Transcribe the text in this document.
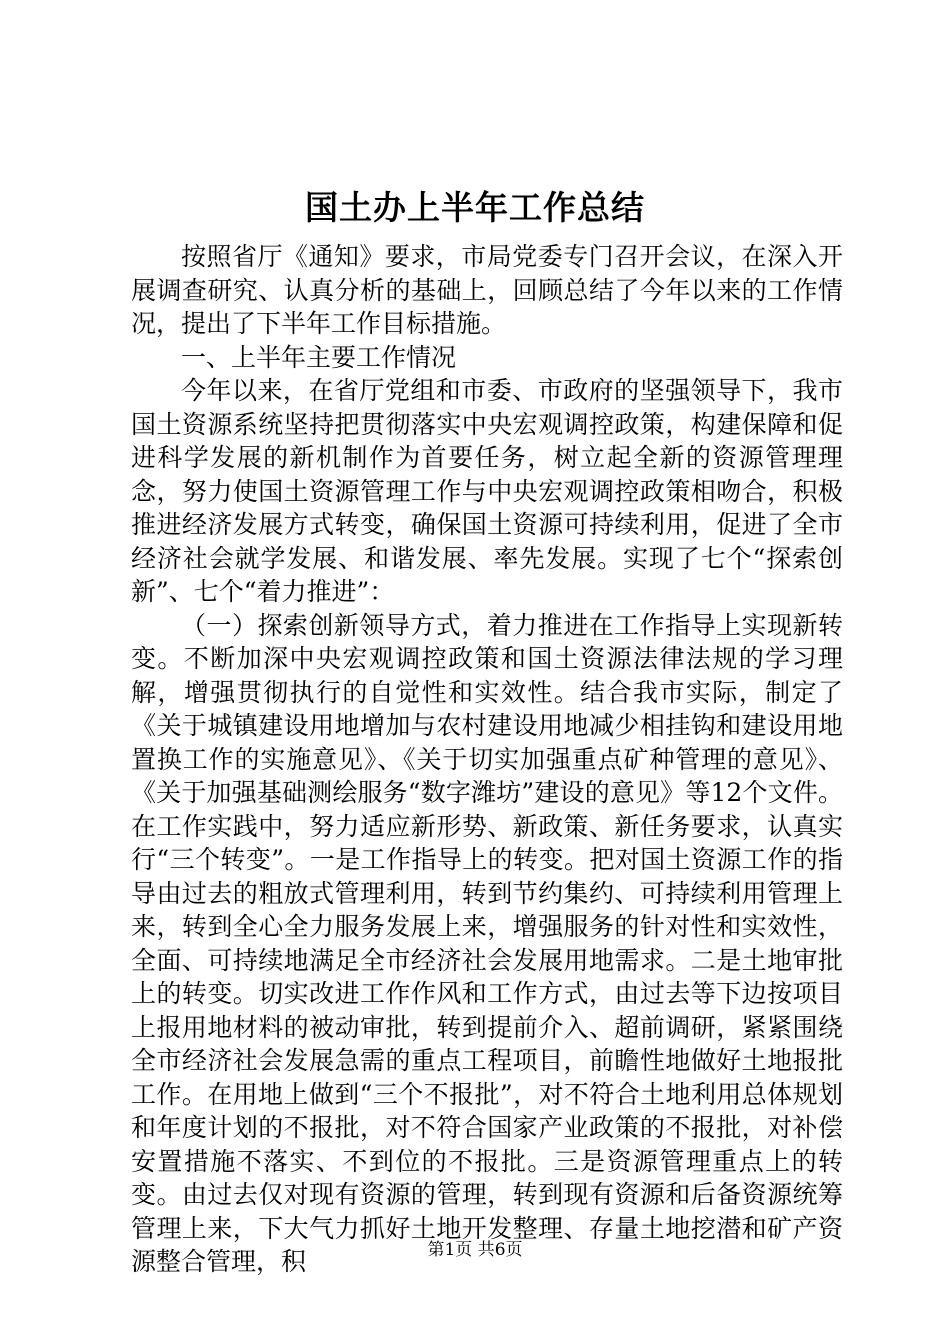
国土办上半年工作总结

按照省厅《通知》要求，市局党委专门召开会议，在深入开展调查研究、认真分析的基础上，回顾总结了今年以来的工作情况，提出了下半年工作目标措施。

一、上半年主要工作情况

今年以来，在省厅党组和市委、市政府的坚强领导下，我市国土资源系统坚持把贯彻落实中央宏观调控政策，构建保障和促进科学发展的新机制作为首要任务，树立起全新的资源管理理念，努力使国土资源管理工作与中央宏观调控政策相吻合，积极推进经济发展方式转变，确保国土资源可持续利用，促进了全市经济社会就学发展、和谐发展、率先发展。实现了七个“探索创新”、七个“着力推进”：

（一）探索创新领导方式，着力推进在工作指导上实现新转变。不断加深中央宏观调控政策和国土资源法律法规的学习理解，增强贯彻执行的自觉性和实效性。结合我市实际，制定了《关于城镇建设用地增加与农村建设用地减少相挂钩和建设用地置换工作的实施意见》、《关于切实加强重点矿种管理的意见》、《关于加强基础测绘服务“数字潍坊”建设的意见》等12个文件。在工作实践中，努力适应新形势、新政策、新任务要求，认真实行“三个转变”。一是工作指导上的转变。把对国土资源工作的指导由过去的粗放式管理利用，转到节约集约、可持续利用管理上来，转到全心全力服务发展上来，增强服务的针对性和实效性，全面、可持续地满足全市经济社会发展用地需求。二是土地审批上的转变。切实改进工作作风和工作方式，由过去等下边按项目上报用地材料的被动审批，转到提前介入、超前调研，紧紧围绕全市经济社会发展急需的重点工程项目，前瞻性地做好土地报批工作。在用地上做到“三个不报批”，对不符合土地利用总体规划和年度计划的不报批，对不符合国家产业政策的不报批，对补偿安置措施不落实、不到位的不报批。三是资源管理重点上的转变。由过去仅对现有资源的管理，转到现有资源和后备资源统筹管理上来，下大气力抓好土地开发整理、存量土地挖潜和矿产资源整合管理，积	第1页 共6页
